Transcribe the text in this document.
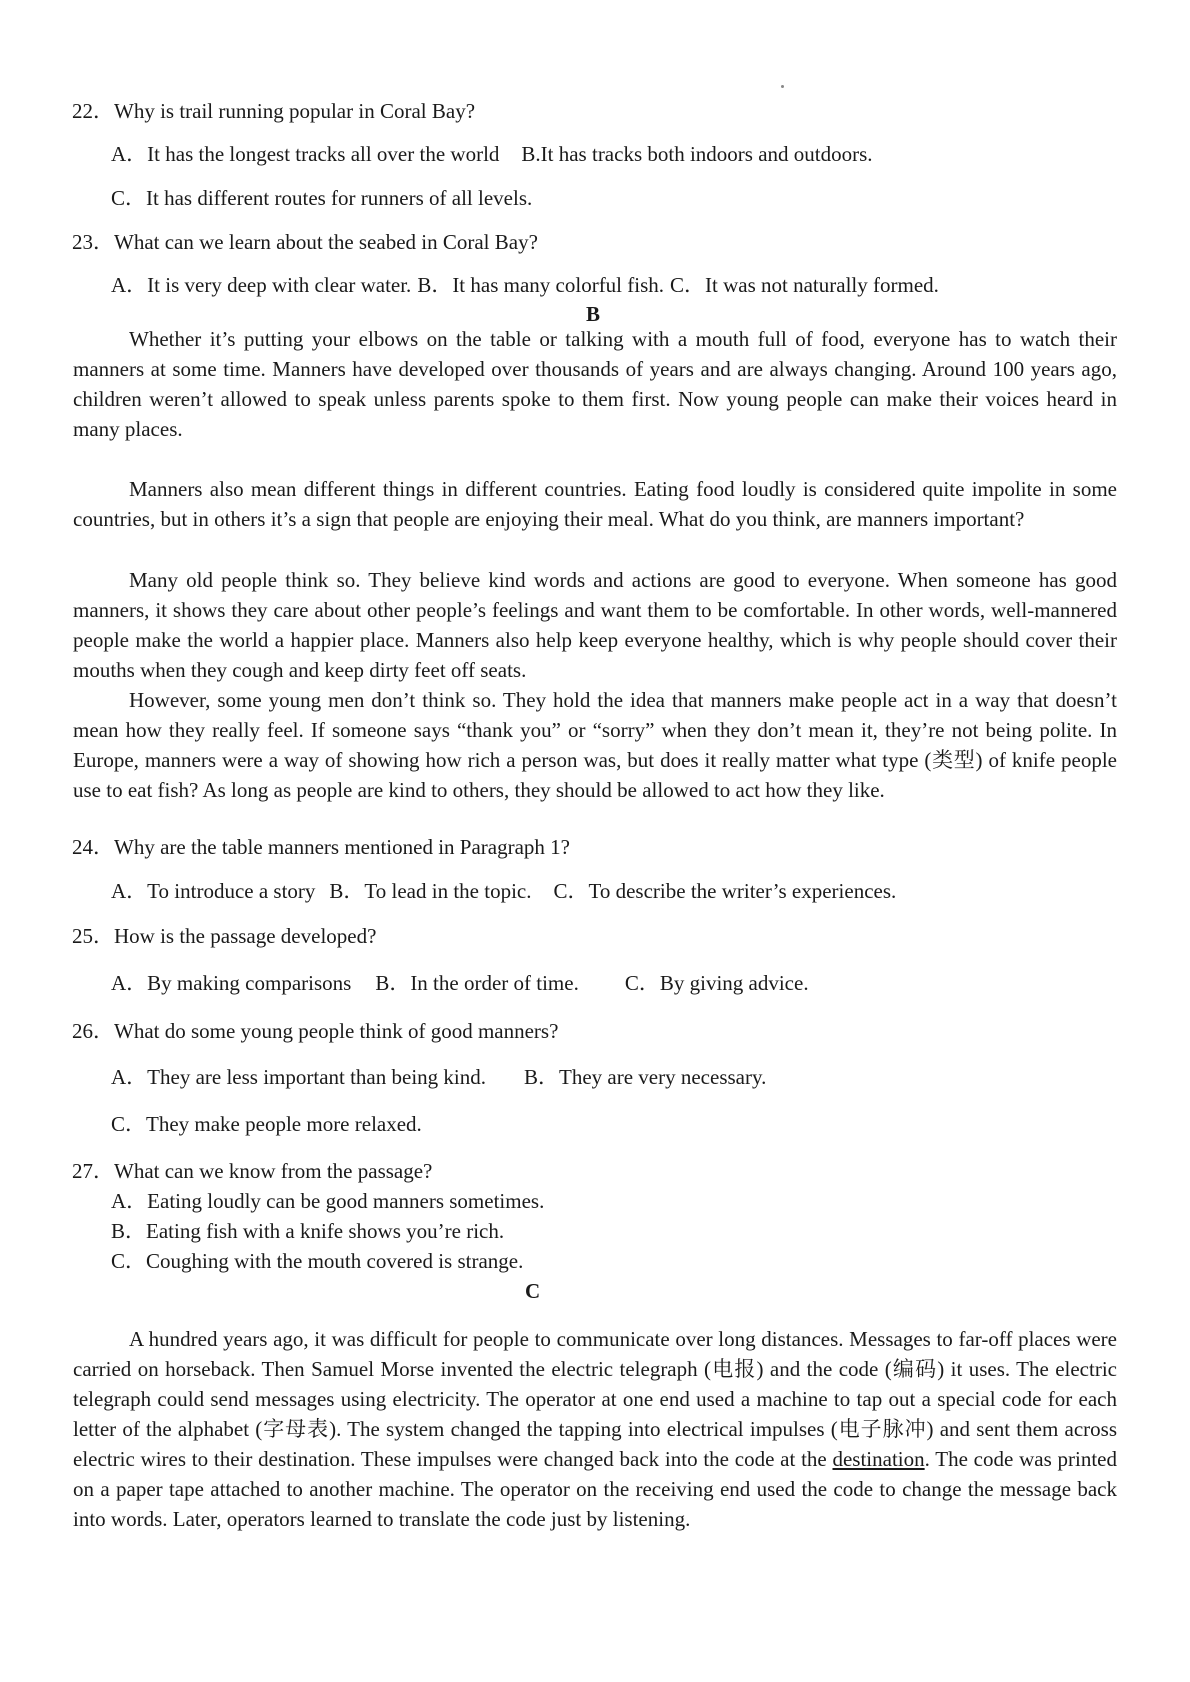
22．Why is trail running popular in Coral Bay?
A．It has the longest tracks all over the world B.It has tracks both indoors and outdoors.
C．It has different routes for runners of all levels.
23．What can we learn about the seabed in Coral Bay?
A．It is very deep with clear water. B．It has many colorful fish. C．It was not naturally formed.
B

Whether it’s putting your elbows on the table or talking with a mouth full of food, everyone has to watch their manners at some time. Manners have developed over thousands of years and are always changing. Around 100 years ago, children weren’t allowed to speak unless parents spoke to them first. Now young people can make their voices heard in many places.

Manners also mean different things in different countries. Eating food loudly is considered quite impolite in some countries, but in others it’s a sign that people are enjoying their meal. What do you think, are manners important?

Many old people think so. They believe kind words and actions are good to everyone. When someone has good manners, it shows they care about other people’s feelings and want them to be comfortable. In other words, well-mannered people make the world a happier place. Manners also help keep everyone healthy, which is why people should cover their mouths when they cough and keep dirty feet off seats.

However, some young men don’t think so. They hold the idea that manners make people act in a way that doesn’t mean how they really feel. If someone says “thank you” or “sorry” when they don’t mean it, they’re not being polite. In Europe, manners were a way of showing how rich a person was, but does it really matter what type (类型) of knife people use to eat fish? As long as people are kind to others, they should be allowed to act how they like.

24．Why are the table manners mentioned in Paragraph 1?
A．To introduce a story B．To lead in the topic. C．To describe the writer’s experiences.
25．How is the passage developed?
A．By making comparisons B．In the order of time. C．By giving advice.
26．What do some young people think of good manners?
A．They are less important than being kind. B．They are very necessary.
C．They make people more relaxed.
27．What can we know from the passage?
A．Eating loudly can be good manners sometimes.
B．Eating fish with a knife shows you’re rich.
C．Coughing with the mouth covered is strange.
C

A hundred years ago, it was difficult for people to communicate over long distances. Messages to far-off places were carried on horseback. Then Samuel Morse invented the electric telegraph (电报) and the code (编码) it uses. The electric telegraph could send messages using electricity. The operator at one end used a machine to tap out a special code for each letter of the alphabet (字母表). The system changed the tapping into electrical impulses (电子脉冲) and sent them across electric wires to their destination. These impulses were changed back into the code at the destination. The code was printed on a paper tape attached to another machine. The operator on the receiving end used the code to change the message back into words. Later, operators learned to translate the code just by listening.
